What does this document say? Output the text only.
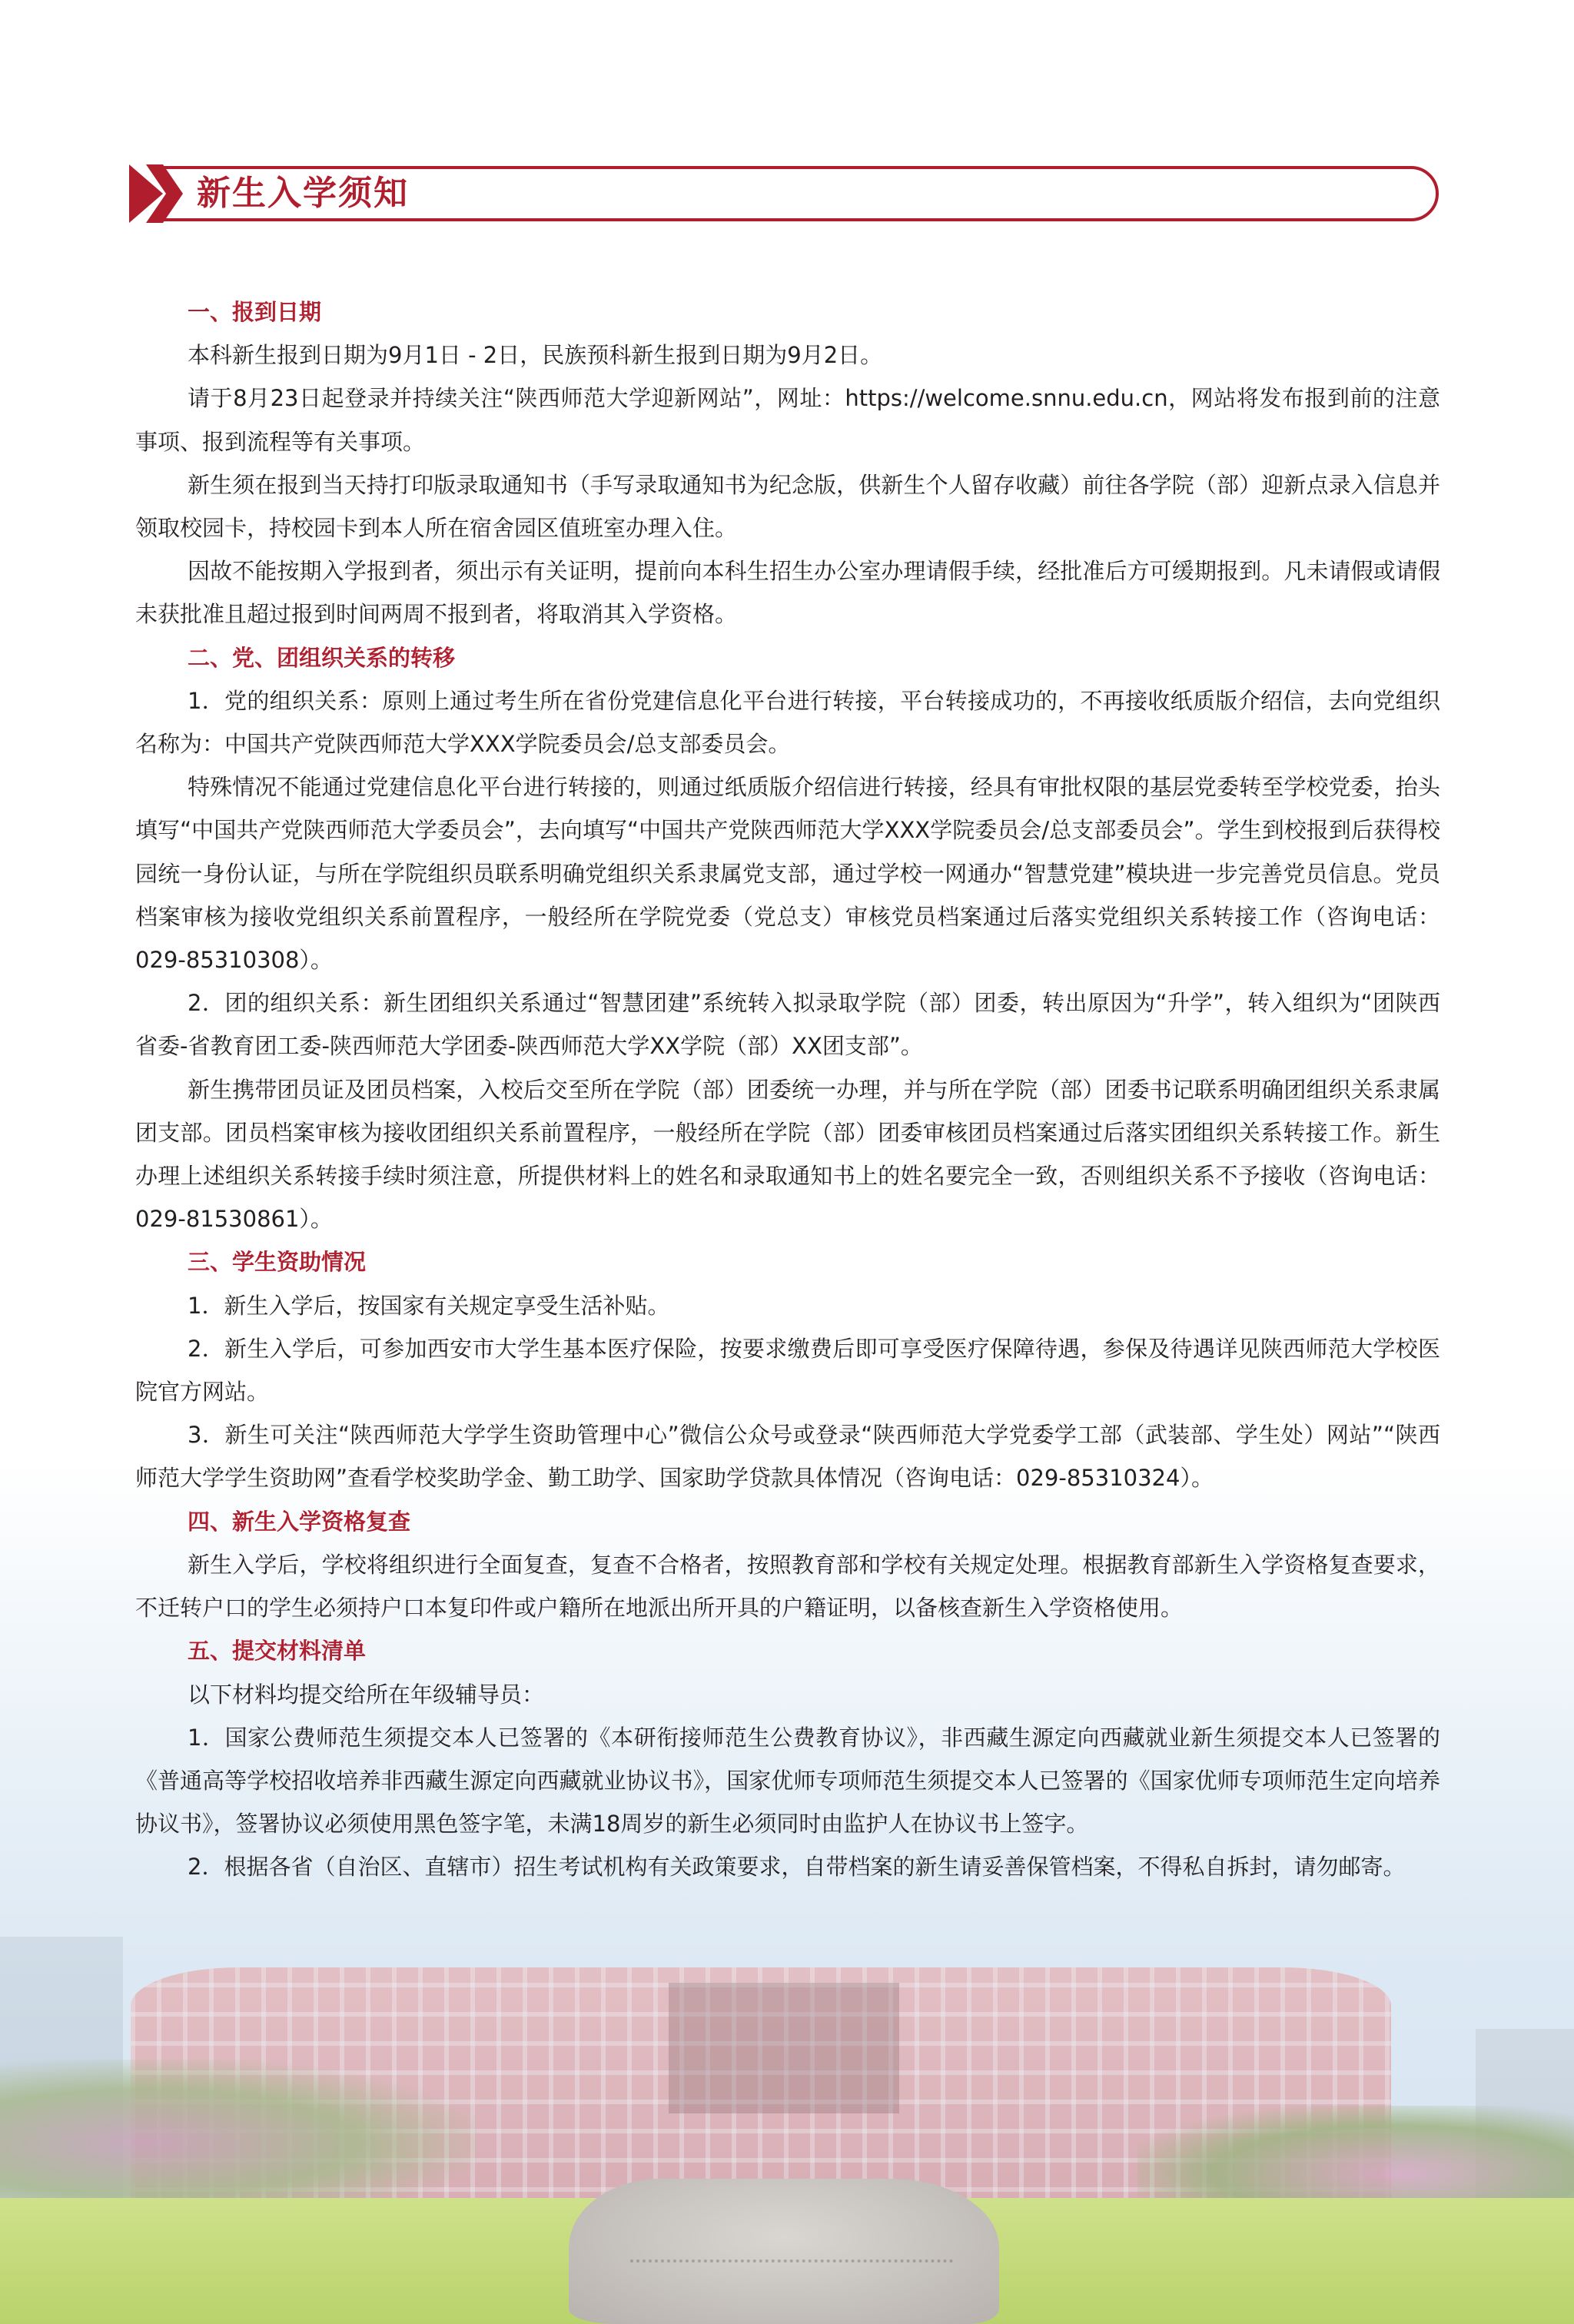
新生入学须知
一、报到日期

本科新生报到日期为9月1日 - 2日，民族预科新生报到日期为9月2日。

请于8月23日起登录并持续关注“陕西师范大学迎新网站”，网址：https://welcome.snnu.edu.cn，网站将发布报到前的注意事项、报到流程等有关事项。

新生须在报到当天持打印版录取通知书（手写录取通知书为纪念版，供新生个人留存收藏）前往各学院（部）迎新点录入信息并领取校园卡，持校园卡到本人所在宿舍园区值班室办理入住。

因故不能按期入学报到者，须出示有关证明，提前向本科生招生办公室办理请假手续，经批准后方可缓期报到。凡未请假或请假未获批准且超过报到时间两周不报到者，将取消其入学资格。

二、党、团组织关系的转移

1．党的组织关系：原则上通过考生所在省份党建信息化平台进行转接，平台转接成功的，不再接收纸质版介绍信，去向党组织名称为：中国共产党陕西师范大学XXX学院委员会/总支部委员会。

特殊情况不能通过党建信息化平台进行转接的，则通过纸质版介绍信进行转接，经具有审批权限的基层党委转至学校党委，抬头填写“中国共产党陕西师范大学委员会”，去向填写“中国共产党陕西师范大学XXX学院委员会/总支部委员会”。学生到校报到后获得校园统一身份认证，与所在学院组织员联系明确党组织关系隶属党支部，通过学校一网通办“智慧党建”模块进一步完善党员信息。党员档案审核为接收党组织关系前置程序，一般经所在学院党委（党总支）审核党员档案通过后落实党组织关系转接工作（咨询电话：029-85310308）。

2．团的组织关系：新生团组织关系通过“智慧团建”系统转入拟录取学院（部）团委，转出原因为“升学”，转入组织为“团陕西省委-省教育团工委-陕西师范大学团委-陕西师范大学XX学院（部）XX团支部”。

新生携带团员证及团员档案，入校后交至所在学院（部）团委统一办理，并与所在学院（部）团委书记联系明确团组织关系隶属团支部。团员档案审核为接收团组织关系前置程序，一般经所在学院（部）团委审核团员档案通过后落实团组织关系转接工作。新生办理上述组织关系转接手续时须注意，所提供材料上的姓名和录取通知书上的姓名要完全一致，否则组织关系不予接收（咨询电话：029-81530861）。

三、学生资助情况

1．新生入学后，按国家有关规定享受生活补贴。

2．新生入学后，可参加西安市大学生基本医疗保险，按要求缴费后即可享受医疗保障待遇，参保及待遇详见陕西师范大学校医院官方网站。

3．新生可关注“陕西师范大学学生资助管理中心”微信公众号或登录“陕西师范大学党委学工部（武装部、学生处）网站”“陕西师范大学学生资助网”查看学校奖助学金、勤工助学、国家助学贷款具体情况（咨询电话：029-85310324）。

四、新生入学资格复查

新生入学后，学校将组织进行全面复查，复查不合格者，按照教育部和学校有关规定处理。根据教育部新生入学资格复查要求，不迁转户口的学生必须持户口本复印件或户籍所在地派出所开具的户籍证明，以备核查新生入学资格使用。

五、提交材料清单

以下材料均提交给所在年级辅导员：

1．国家公费师范生须提交本人已签署的《本研衔接师范生公费教育协议》，非西藏生源定向西藏就业新生须提交本人已签署的《普通高等学校招收培养非西藏生源定向西藏就业协议书》，国家优师专项师范生须提交本人已签署的《国家优师专项师范生定向培养协议书》，签署协议必须使用黑色签字笔，未满18周岁的新生必须同时由监护人在协议书上签字。

2．根据各省（自治区、直辖市）招生考试机构有关政策要求，自带档案的新生请妥善保管档案，不得私自拆封，请勿邮寄。
